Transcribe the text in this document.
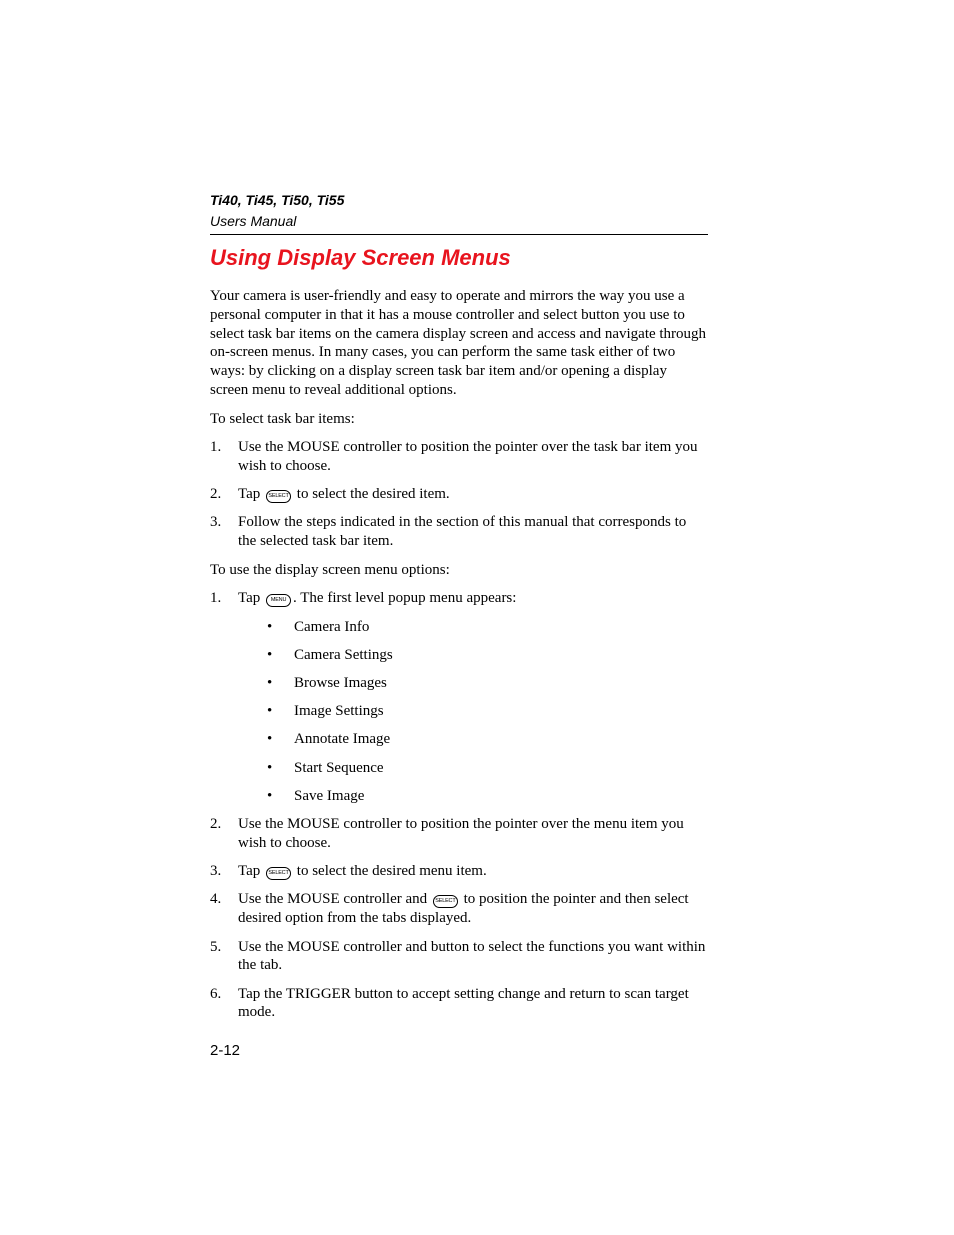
Ti40, Ti45, Ti50, Ti55
Users Manual
Using Display Screen Menus

Your camera is user-friendly and easy to operate and mirrors the way you use a personal computer in that it has a mouse controller and select button you use to select task bar items on the camera display screen and access and navigate through on-screen menus. In many cases, you can perform the same task either of two ways: by clicking on a display screen task bar item and/or opening a display screen menu to reveal additional options.

To select task bar items:

1. Use the MOUSE controller to position the pointer over the task bar item you wish to choose.
2. Tap SELECT to select the desired item.
3. Follow the steps indicated in the section of this manual that corresponds to the selected task bar item.

To use the display screen menu options:

1. Tap MENU . The first level popup menu appears:
• Camera Info
• Camera Settings
• Browse Images
• Image Settings
• Annotate Image
• Start Sequence
• Save Image
2. Use the MOUSE controller to position the pointer over the menu item you wish to choose.
3. Tap SELECT to select the desired menu item.
4. Use the MOUSE controller and SELECT to position the pointer and then select desired option from the tabs displayed.
5. Use the MOUSE controller and button to select the functions you want within the tab.
6. Tap the TRIGGER button to accept setting change and return to scan target mode.
2-12
